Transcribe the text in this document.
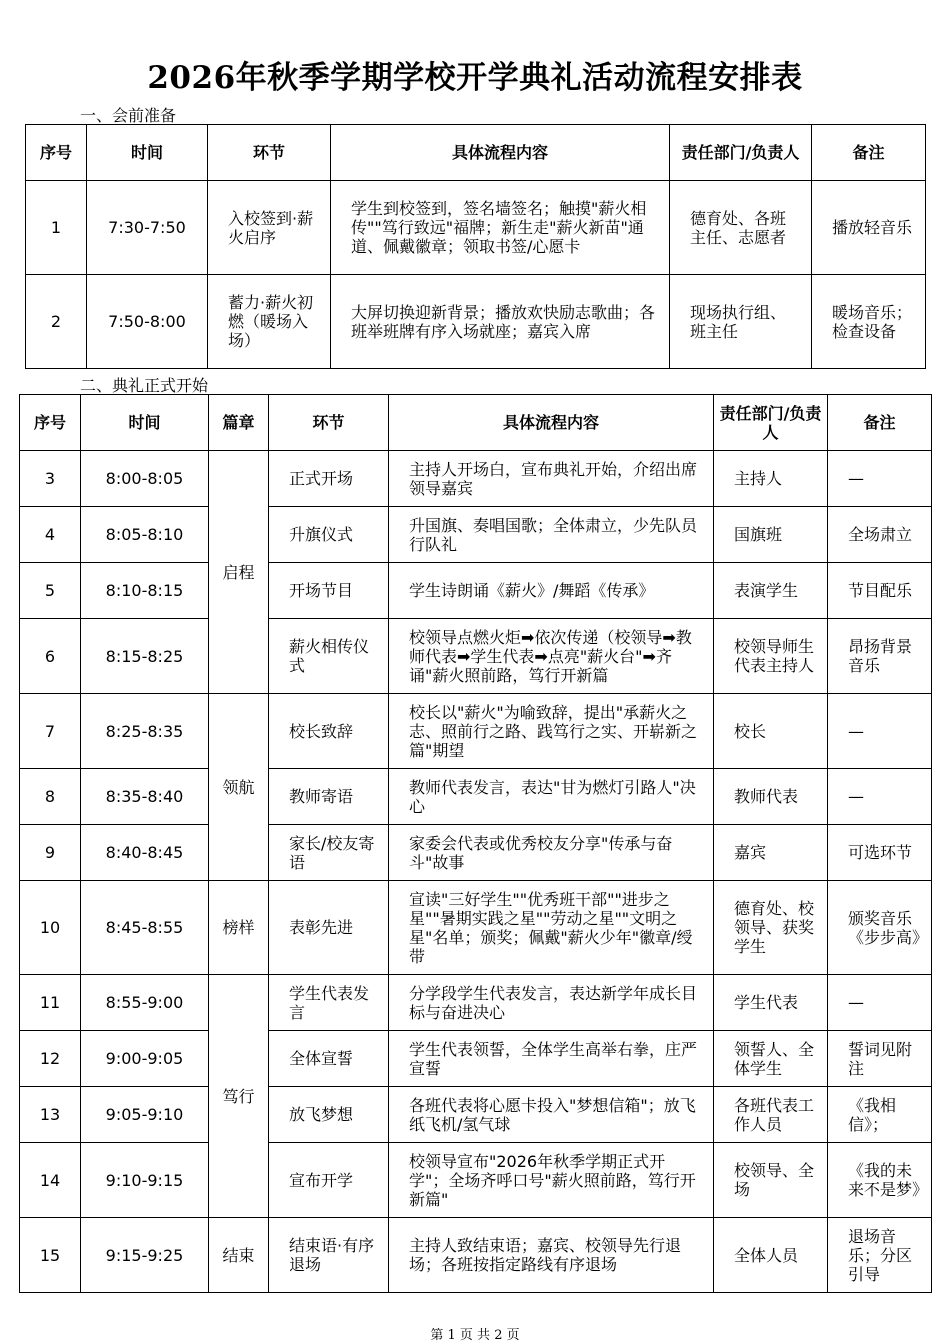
2026年秋季学期学校开学典礼活动流程安排表
一、会前准备
序号	时间	环节	具体流程内容	责任部门/负责人	备注
1	7:30-7:50	入校签到·薪火启序	学生到校签到，签名墙签名；触摸"薪火相传""笃行致远"福牌；新生走"薪火新苗"通道、佩戴徽章；领取书签/心愿卡	德育处、各班主任、志愿者	播放轻音乐
2	7:50-8:00	蓄力·薪火初燃（暖场入场）	大屏切换迎新背景；播放欢快励志歌曲；各班举班牌有序入场就座；嘉宾入席	现场执行组、班主任	暖场音乐；检查设备
二、典礼正式开始
序号	时间	篇章	环节	具体流程内容	责任部门/负责人	备注
3	8:00-8:05	启程	正式开场	主持人开场白，宣布典礼开始，介绍出席领导嘉宾	主持人	—
4	8:05-8:10		升旗仪式	升国旗、奏唱国歌；全体肃立，少先队员行队礼	国旗班	全场肃立
5	8:10-8:15		开场节目	学生诗朗诵《薪火》/舞蹈《传承》	表演学生	节目配乐
6	8:15-8:25		薪火相传仪式	校领导点燃火炬➡依次传递（校领导➡教师代表➡学生代表➡点亮"薪火台"➡齐诵"薪火照前路，笃行开新篇	校领导师生代表主持人	昂扬背景音乐
7	8:25-8:35	领航	校长致辞	校长以"薪火"为喻致辞，提出"承薪火之志、照前行之路、践笃行之实、开崭新之篇"期望	校长	—
8	8:35-8:40		教师寄语	教师代表发言，表达"甘为燃灯引路人"决心	教师代表	—
9	8:40-8:45		家长/校友寄语	家委会代表或优秀校友分享"传承与奋斗"故事	嘉宾	可选环节
10	8:45-8:55	榜样	表彰先进	宣读"三好学生""优秀班干部""进步之星""暑期实践之星""劳动之星""文明之星"名单；颁奖；佩戴"薪火少年"徽章/绶带	德育处、校领导、获奖学生	颁奖音乐《步步高》
11	8:55-9:00	笃行	学生代表发言	分学段学生代表发言，表达新学年成长目标与奋进决心	学生代表	—
12	9:00-9:05		全体宣誓	学生代表领誓，全体学生高举右拳，庄严宣誓	领誓人、全体学生	誓词见附注
13	9:05-9:10		放飞梦想	各班代表将心愿卡投入"梦想信箱"；放飞纸飞机/氢气球	各班代表工作人员	《我相信》；
14	9:10-9:15		宣布开学	校领导宣布"2026年秋季学期正式开学"；全场齐呼口号"薪火照前路，笃行开新篇"	校领导、全场	《我的未来不是梦》
15	9:15-9:25	结束	结束语·有序退场	主持人致结束语；嘉宾、校领导先行退场；各班按指定路线有序退场	全体人员	退场音乐；分区引导
第 1 页 共 2 页
